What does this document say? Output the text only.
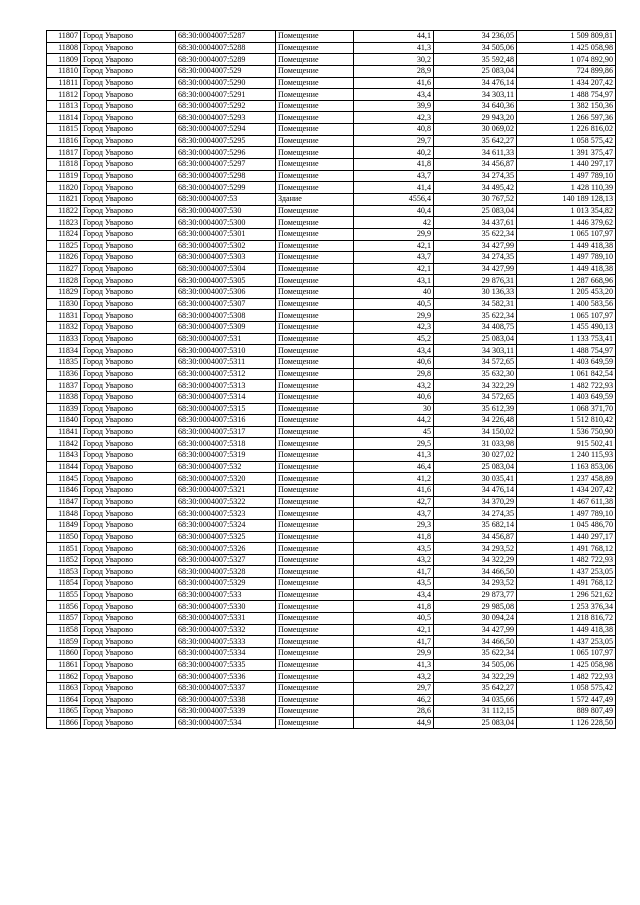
11807	Город Уварово	68:30:0004007:5287	Помещение	44,1	34 236,05	1 509 809,81
11808	Город Уварово	68:30:0004007:5288	Помещение	41,3	34 505,06	1 425 058,98
11809	Город Уварово	68:30:0004007:5289	Помещение	30,2	35 592,48	1 074 892,90
11810	Город Уварово	68:30:0004007:529	Помещение	28,9	25 083,04	724 899,86
11811	Город Уварово	68:30:0004007:5290	Помещение	41,6	34 476,14	1 434 207,42
11812	Город Уварово	68:30:0004007:5291	Помещение	43,4	34 303,11	1 488 754,97
11813	Город Уварово	68:30:0004007:5292	Помещение	39,9	34 640,36	1 382 150,36
11814	Город Уварово	68:30:0004007:5293	Помещение	42,3	29 943,20	1 266 597,36
11815	Город Уварово	68:30:0004007:5294	Помещение	40,8	30 069,02	1 226 816,02
11816	Город Уварово	68:30:0004007:5295	Помещение	29,7	35 642,27	1 058 575,42
11817	Город Уварово	68:30:0004007:5296	Помещение	40,2	34 611,33	1 391 375,47
11818	Город Уварово	68:30:0004007:5297	Помещение	41,8	34 456,87	1 440 297,17
11819	Город Уварово	68:30:0004007:5298	Помещение	43,7	34 274,35	1 497 789,10
11820	Город Уварово	68:30:0004007:5299	Помещение	41,4	34 495,42	1 428 110,39
11821	Город Уварово	68:30:0004007:53	Здание	4556,4	30 767,52	140 189 128,13
11822	Город Уварово	68:30:0004007:530	Помещение	40,4	25 083,04	1 013 354,82
11823	Город Уварово	68:30:0004007:5300	Помещение	42	34 437,61	1 446 379,62
11824	Город Уварово	68:30:0004007:5301	Помещение	29,9	35 622,34	1 065 107,97
11825	Город Уварово	68:30:0004007:5302	Помещение	42,1	34 427,99	1 449 418,38
11826	Город Уварово	68:30:0004007:5303	Помещение	43,7	34 274,35	1 497 789,10
11827	Город Уварово	68:30:0004007:5304	Помещение	42,1	34 427,99	1 449 418,38
11828	Город Уварово	68:30:0004007:5305	Помещение	43,1	29 876,31	1 287 668,96
11829	Город Уварово	68:30:0004007:5306	Помещение	40	30 136,33	1 205 453,20
11830	Город Уварово	68:30:0004007:5307	Помещение	40,5	34 582,31	1 400 583,56
11831	Город Уварово	68:30:0004007:5308	Помещение	29,9	35 622,34	1 065 107,97
11832	Город Уварово	68:30:0004007:5309	Помещение	42,3	34 408,75	1 455 490,13
11833	Город Уварово	68:30:0004007:531	Помещение	45,2	25 083,04	1 133 753,41
11834	Город Уварово	68:30:0004007:5310	Помещение	43,4	34 303,11	1 488 754,97
11835	Город Уварово	68:30:0004007:5311	Помещение	40,6	34 572,65	1 403 649,59
11836	Город Уварово	68:30:0004007:5312	Помещение	29,8	35 632,30	1 061 842,54
11837	Город Уварово	68:30:0004007:5313	Помещение	43,2	34 322,29	1 482 722,93
11838	Город Уварово	68:30:0004007:5314	Помещение	40,6	34 572,65	1 403 649,59
11839	Город Уварово	68:30:0004007:5315	Помещение	30	35 612,39	1 068 371,70
11840	Город Уварово	68:30:0004007:5316	Помещение	44,2	34 226,48	1 512 810,42
11841	Город Уварово	68:30:0004007:5317	Помещение	45	34 150,02	1 536 750,90
11842	Город Уварово	68:30:0004007:5318	Помещение	29,5	31 033,98	915 502,41
11843	Город Уварово	68:30:0004007:5319	Помещение	41,3	30 027,02	1 240 115,93
11844	Город Уварово	68:30:0004007:532	Помещение	46,4	25 083,04	1 163 853,06
11845	Город Уварово	68:30:0004007:5320	Помещение	41,2	30 035,41	1 237 458,89
11846	Город Уварово	68:30:0004007:5321	Помещение	41,6	34 476,14	1 434 207,42
11847	Город Уварово	68:30:0004007:5322	Помещение	42,7	34 370,29	1 467 611,38
11848	Город Уварово	68:30:0004007:5323	Помещение	43,7	34 274,35	1 497 789,10
11849	Город Уварово	68:30:0004007:5324	Помещение	29,3	35 682,14	1 045 486,70
11850	Город Уварово	68:30:0004007:5325	Помещение	41,8	34 456,87	1 440 297,17
11851	Город Уварово	68:30:0004007:5326	Помещение	43,5	34 293,52	1 491 768,12
11852	Город Уварово	68:30:0004007:5327	Помещение	43,2	34 322,29	1 482 722,93
11853	Город Уварово	68:30:0004007:5328	Помещение	41,7	34 466,50	1 437 253,05
11854	Город Уварово	68:30:0004007:5329	Помещение	43,5	34 293,52	1 491 768,12
11855	Город Уварово	68:30:0004007:533	Помещение	43,4	29 873,77	1 296 521,62
11856	Город Уварово	68:30:0004007:5330	Помещение	41,8	29 985,08	1 253 376,34
11857	Город Уварово	68:30:0004007:5331	Помещение	40,5	30 094,24	1 218 816,72
11858	Город Уварово	68:30:0004007:5332	Помещение	42,1	34 427,99	1 449 418,38
11859	Город Уварово	68:30:0004007:5333	Помещение	41,7	34 466,50	1 437 253,05
11860	Город Уварово	68:30:0004007:5334	Помещение	29,9	35 622,34	1 065 107,97
11861	Город Уварово	68:30:0004007:5335	Помещение	41,3	34 505,06	1 425 058,98
11862	Город Уварово	68:30:0004007:5336	Помещение	43,2	34 322,29	1 482 722,93
11863	Город Уварово	68:30:0004007:5337	Помещение	29,7	35 642,27	1 058 575,42
11864	Город Уварово	68:30:0004007:5338	Помещение	46,2	34 035,66	1 572 447,49
11865	Город Уварово	68:30:0004007:5339	Помещение	28,6	31 112,15	889 807,49
11866	Город Уварово	68:30:0004007:534	Помещение	44,9	25 083,04	1 126 228,50
